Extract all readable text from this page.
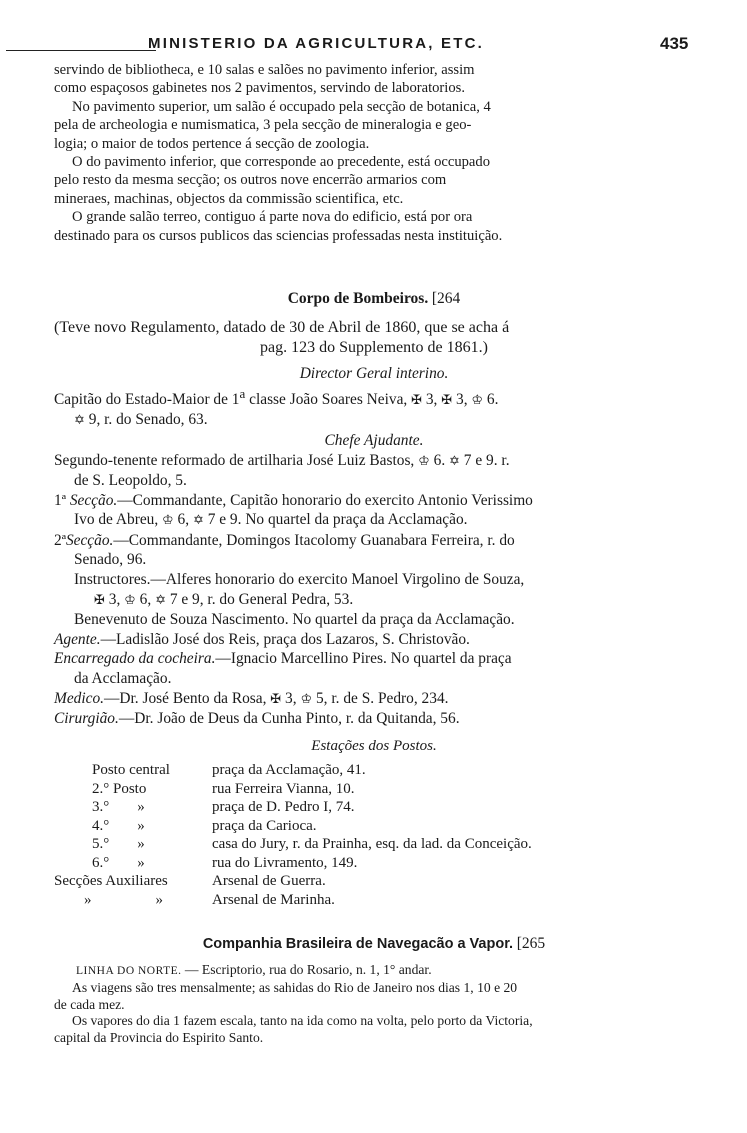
MINISTERIO DA AGRICULTURA, ETC.	435
servindo de bibliotheca, e 10 salas e salões no pavimento inferior, assim
como espaçosos gabinetes nos 2 pavimentos, servindo de laboratorios.
No pavimento superior, um salão é occupado pela secção de botanica, 4
pela de archeologia e numismatica, 3 pela secção de mineralogia e geo-
logia; o maior de todos pertence á secção de zoologia.
O do pavimento inferior, que corresponde ao precedente, está occupado
pelo resto da mesma secção; os outros nove encerrão armarios com
mineraes, machinas, objectos da commissão scientifica, etc.
O grande salão terreo, contiguo á parte nova do edificio, está por ora
destinado para os cursos publicos das sciencias professadas nesta instituição.
Corpo de Bombeiros. [264
(Teve novo Regulamento, datado de 30 de Abril de 1860, que se acha á
pag. 123 do Supplemento de 1861.)
Director Geral interino.
Capitão do Estado-Maior de 1$^a$ classe João Soares Neiva, ✠ 3, ✠ 3, ♔ 6.
✡ 9, r. do Senado, 63.
Chefe Ajudante.
Segundo-tenente reformado de artilharia José Luiz Bastos, ♔ 6. ✡ 7 e 9. r.
de S. Leopoldo, 5.
1ª Secção.—Commandante, Capitão honorario do exercito Antonio Verissimo
Ivo de Abreu, ♔ 6, ✡ 7 e 9. No quartel da praça da Acclamação.
2ªSecção.—Commandante, Domingos Itacolomy Guanabara Ferreira, r. do
Senado, 96.
Instructores.—Alferes honorario do exercito Manoel Virgolino de Souza,
✠ 3, ♔ 6, ✡ 7 e 9, r. do General Pedra, 53.
Benevenuto de Souza Nascimento. No quartel da praça da Acclamação.
Agente.—Ladislão José dos Reis, praça dos Lazaros, S. Christovão.
Encarregado da cocheira.—Ignacio Marcellino Pires. No quartel da praça
da Acclamação.
Medico.—Dr. José Bento da Rosa, ✠ 3, ♔ 5, r. de S. Pedro, 234.
Cirurgião.—Dr. João de Deus da Cunha Pinto, r. da Quitanda, 56.
Estações dos Postos.
Posto central	praça da Acclamação, 41.
2.° Posto	rua Ferreira Vianna, 10.
3.° »	praça de D. Pedro I, 74.
4.° »	praça da Carioca.
5.° »	casa do Jury, r. da Prainha, esq. da lad. da Conceição.
6.° »	rua do Livramento, 149.
Secções Auxiliares	Arsenal de Guerra.
» »	Arsenal de Marinha.
Companhia Brasileira de Navegacão a Vapor. [265
LINHA DO NORTE. — Escriptorio, rua do Rosario, n. 1, 1° andar.
As viagens são tres mensalmente; as sahidas do Rio de Janeiro nos dias 1, 10 e 20
de cada mez.
Os vapores do dia 1 fazem escala, tanto na ida como na volta, pelo porto da Victoria,
capital da Provincia do Espirito Santo.
